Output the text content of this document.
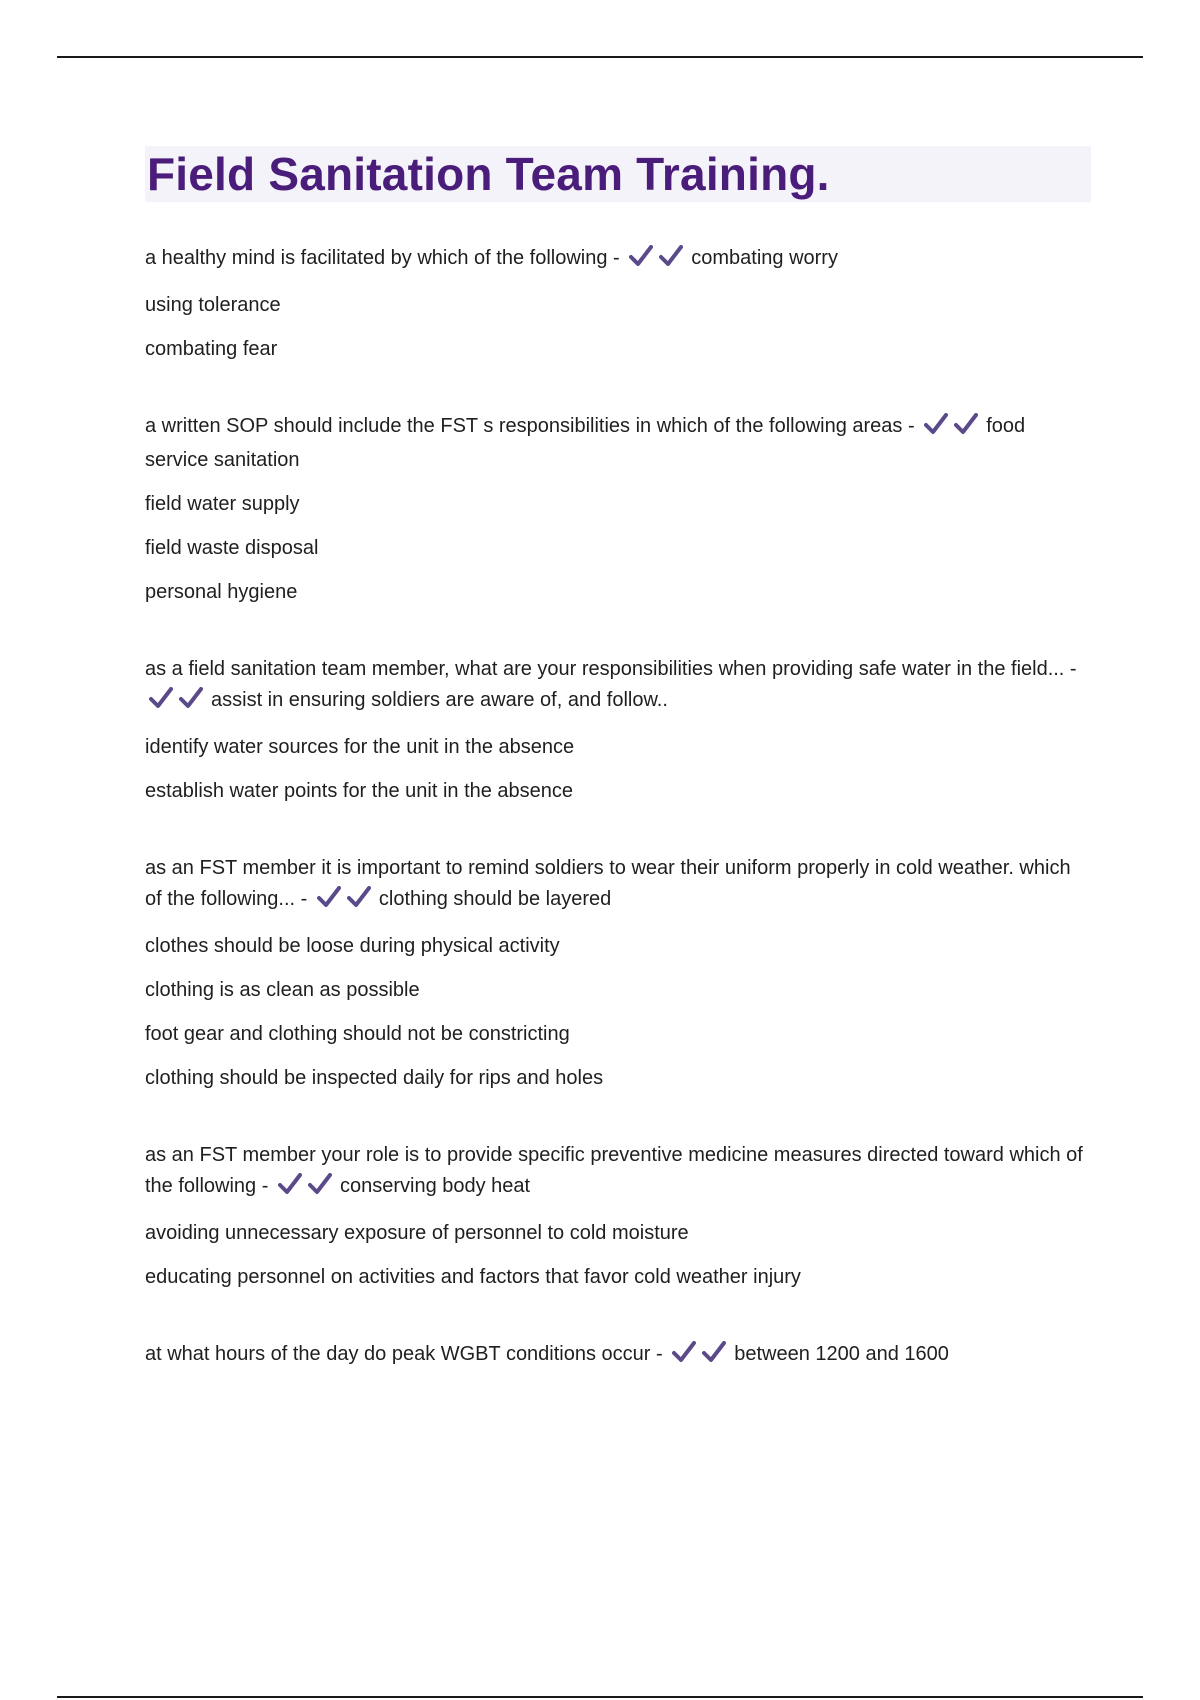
Field Sanitation Team Training.

a healthy mind is facilitated by which of the following -	combating worry

using tolerance

combating fear

a written SOP should include the FST s responsibilities in which of the following areas -	food service sanitation

field water supply

field waste disposal

personal hygiene

as a field sanitation team member, what are your responsibilities when providing safe water in the field... -
assist in ensuring soldiers are aware of, and follow..

identify water sources for the unit in the absence

establish water points for the unit in the absence

as an FST member it is important to remind soldiers to wear their uniform properly in cold weather. which of the following... -	clothing should be layered

clothes should be loose during physical activity

clothing is as clean as possible

foot gear and clothing should not be constricting

clothing should be inspected daily for rips and holes

as an FST member your role is to provide specific preventive medicine measures directed toward which of the following -	conserving body heat

avoiding unnecessary exposure of personnel to cold moisture

educating personnel on activities and factors that favor cold weather injury

at what hours of the day do peak WGBT conditions occur -	between 1200 and 1600
